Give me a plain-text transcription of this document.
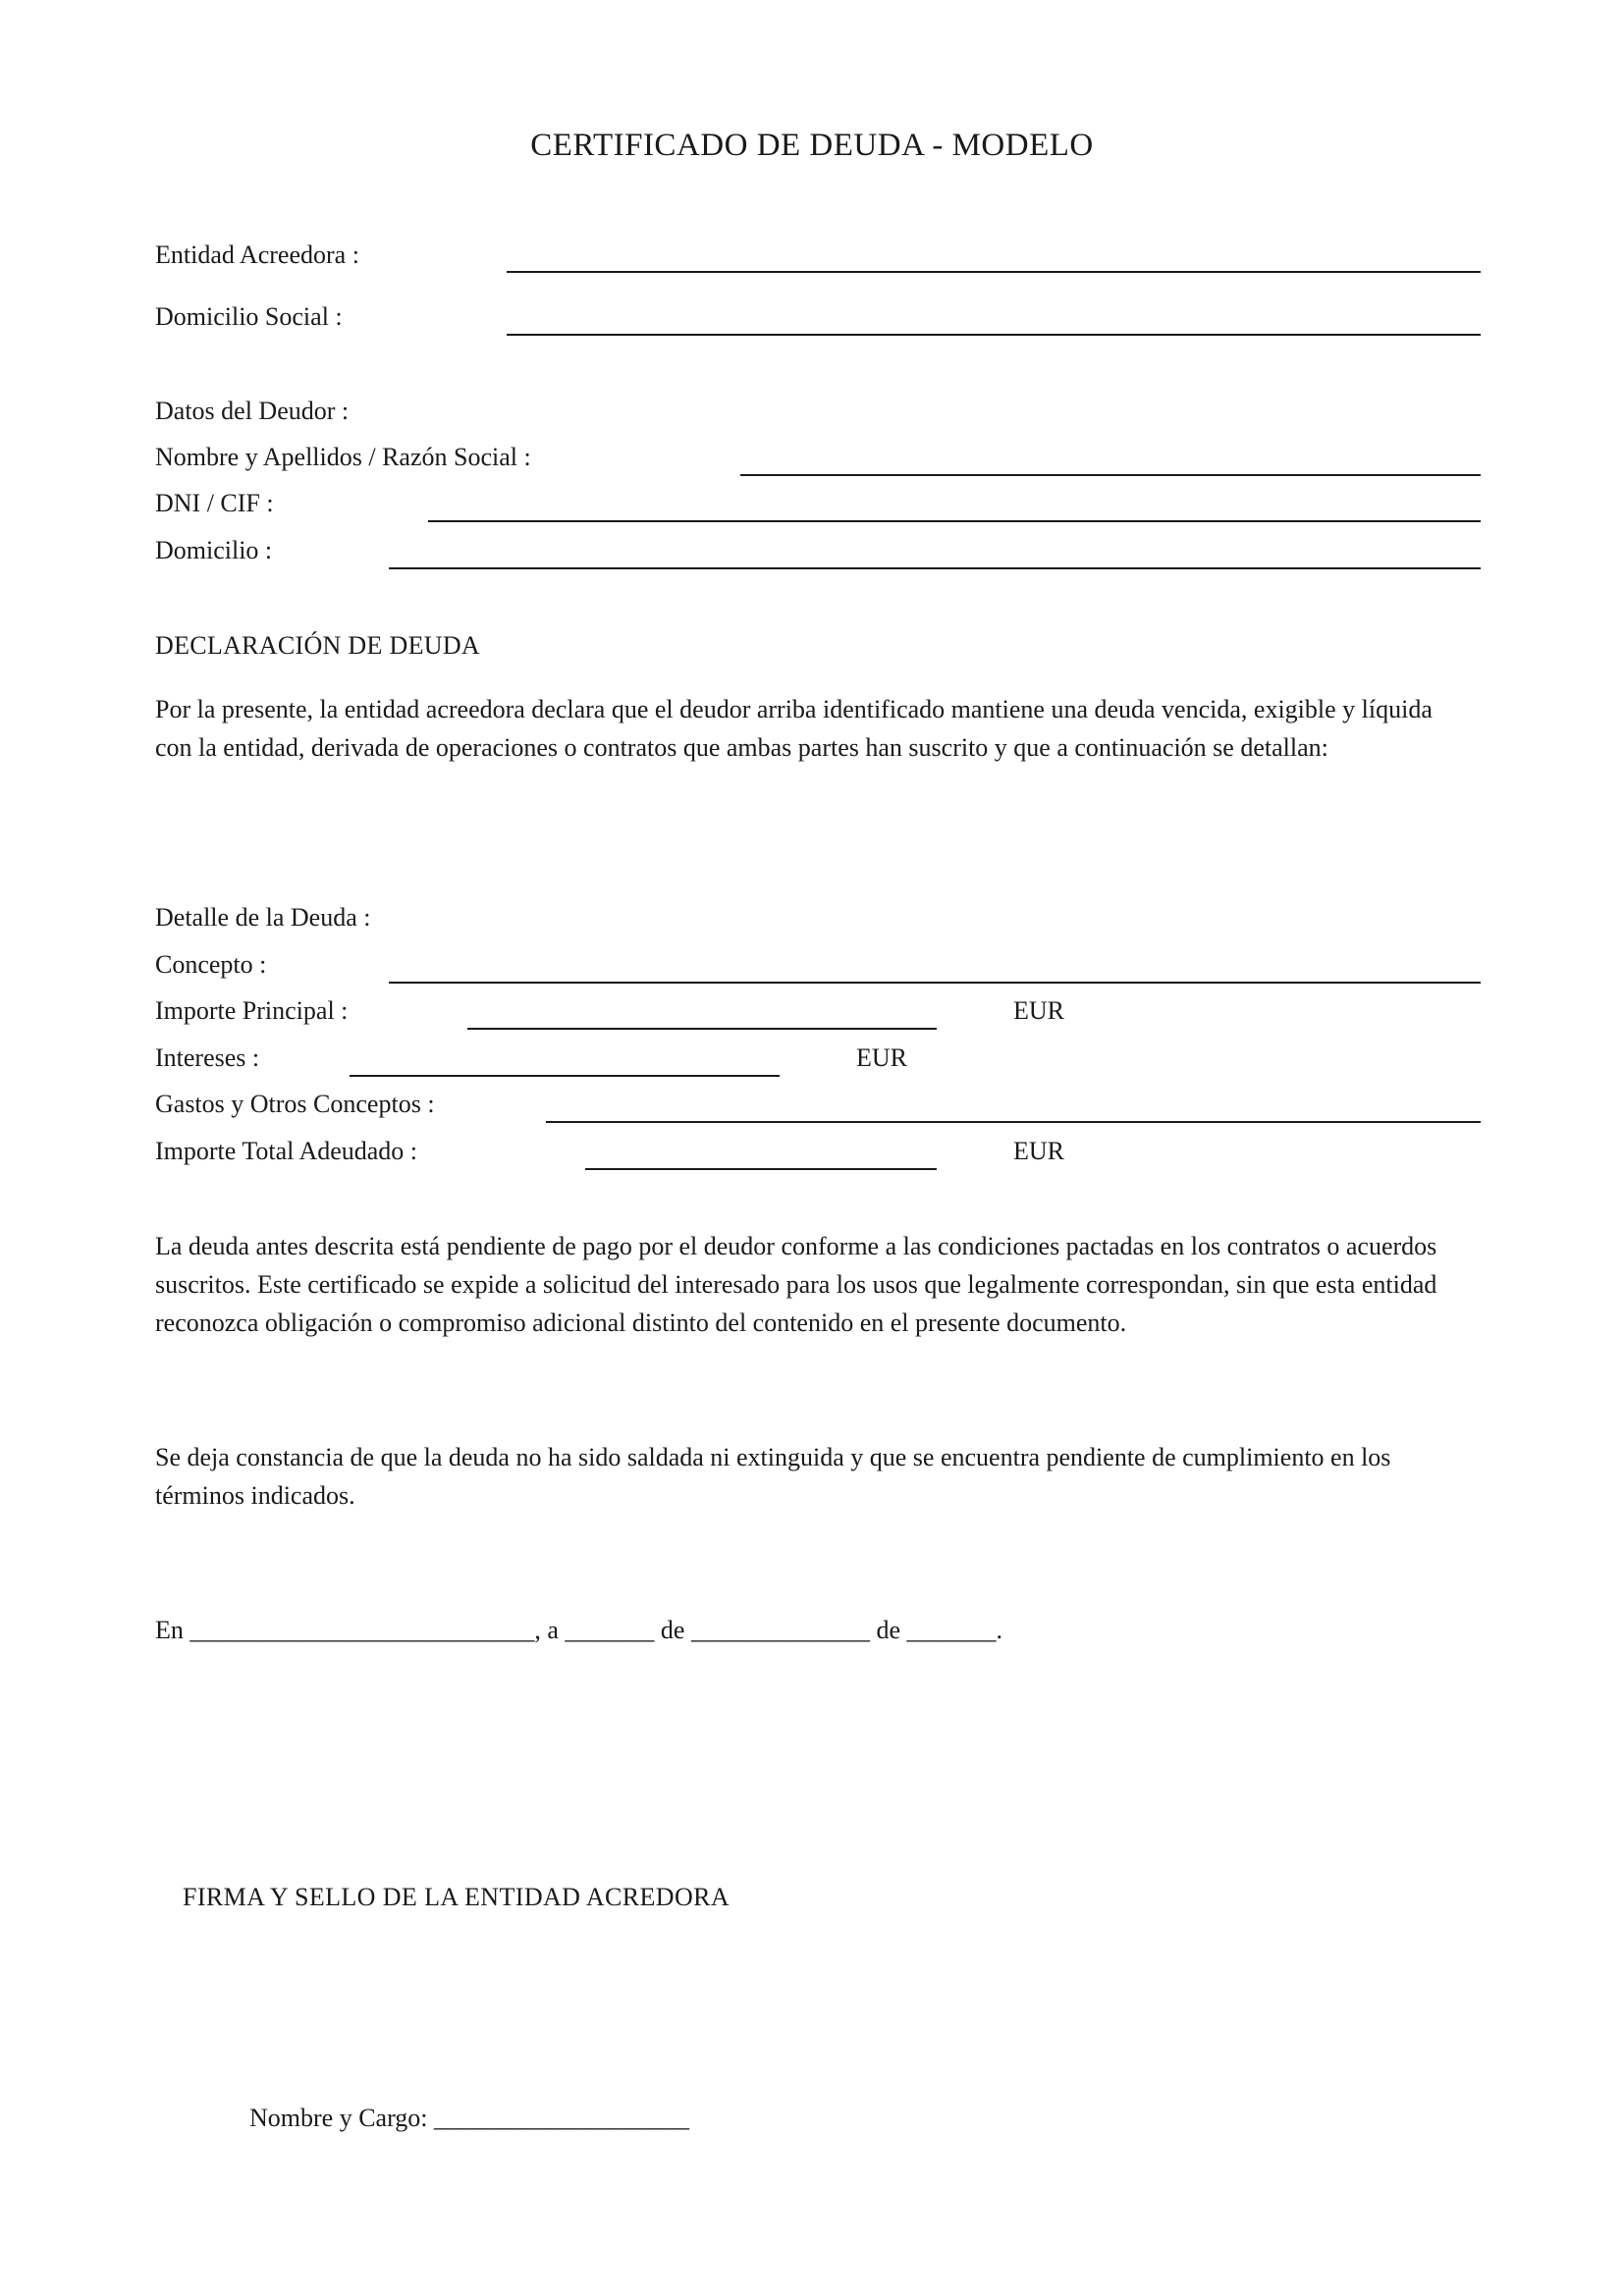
CERTIFICADO DE DEUDA - MODELO
Entidad Acreedora :
Domicilio Social :
Datos del Deudor :
Nombre y Apellidos / Razón Social :
DNI / CIF :
Domicilio :
DECLARACIÓN DE DEUDA
Por la presente, la entidad acreedora declara que el deudor arriba identificado mantiene una deuda vencida, exigible y líquida con la entidad, derivada de operaciones o contratos que ambas partes han suscrito y que a continuación se detallan:
Detalle de la Deuda :
Concepto :
Importe Principal :	EUR
Intereses :	EUR
Gastos y Otros Conceptos :
Importe Total Adeudado :	EUR
La deuda antes descrita está pendiente de pago por el deudor conforme a las condiciones pactadas en los contratos o acuerdos suscritos. Este certificado se expide a solicitud del interesado para los usos que legalmente correspondan, sin que esta entidad reconozca obligación o compromiso adicional distinto del contenido en el presente documento.
Se deja constancia de que la deuda no ha sido saldada ni extinguida y que se encuentra pendiente de cumplimiento en los términos indicados.
En ___________________________, a _______ de ______________ de _______.
FIRMA Y SELLO DE LA ENTIDAD ACREDORA
Nombre y Cargo: ____________________
